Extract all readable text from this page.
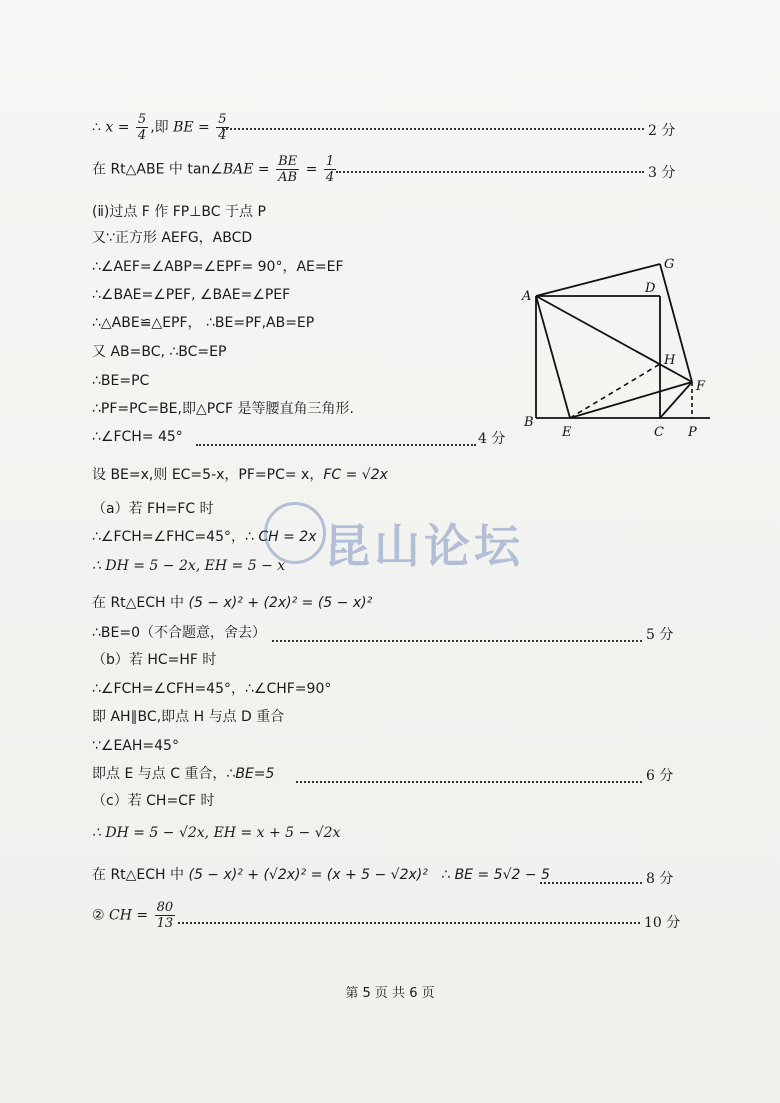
∴ $x = \frac{5}{4}$ ,即 BE = $\frac{5}{4}$	2 分
在 Rt△ABE 中 tan∠BAE = $\frac{BE}{AB} = \frac{1}{4}$	3 分
(ⅱ)过点 F 作 FP⊥BC 于点 P
又∵正方形 AEFG，ABCD
∴∠AEF=∠ABP=∠EPF= 90°，AE=EF
∴∠BAE=∠PEF, ∠BAE=∠PEF
∴△ABE≌△EPF， ∴BE=PF,AB=EP
又 AB=BC, ∴BC=EP
∴BE=PC
∴PF=PC=BE,即△PCF 是等腰直角三角形.
∴∠FCH= 45°	4 分
设 BE=x,则 EC=5-x，PF=PC= x，FC = √2x
（a）若 FH=FC 时
∴∠FCH=∠FHC=45°，∴ CH = 2x
∴ DH = 5 − 2x, EH = 5 − x
在 Rt△ECH 中 (5 − x)² + (2x)² = (5 − x)²
∴BE=0（不合题意，舍去）	5 分
（b）若 HC=HF 时
∴∠FCH=∠CFH=45°，∴∠CHF=90°
即 AH∥BC,即点 H 与点 D 重合
∵∠EAH=45°
即点 E 与点 C 重合，∴BE=5	6 分
（c）若 CH=CF 时
∴ DH = 5 − √2x, EH = x + 5 − √2x
在 Rt△ECH 中 (5 − x)² + (√2x)² = (x + 5 − √2x)² ∴ BE = 5√2 − 5	8 分
② CH = $\frac{80}{13}$	10 分
A
B
C
D
E
F
G
H
P
昆山论坛
第 5 页 共 6 页
